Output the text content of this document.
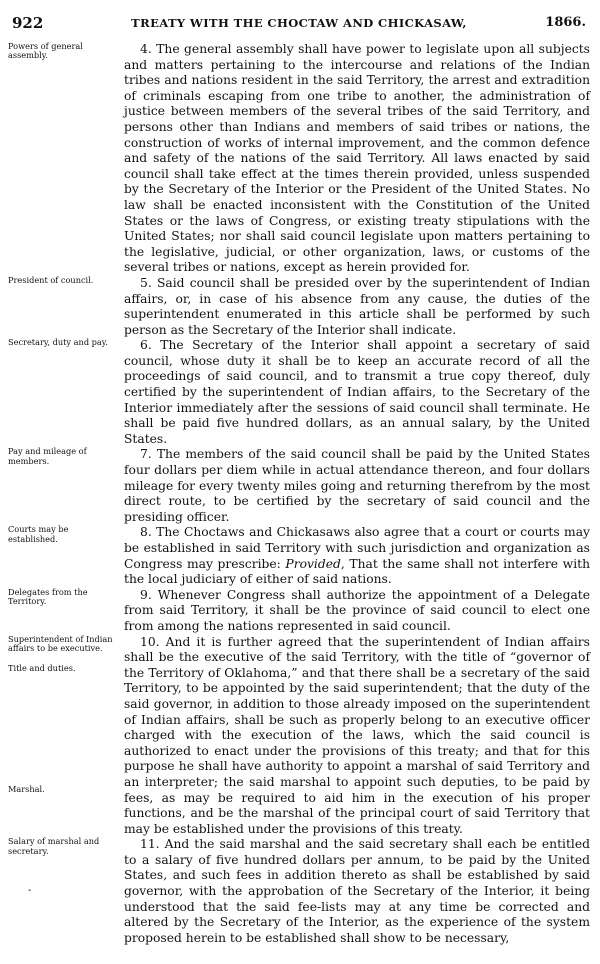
922	TREATY WITH THE CHOCTAW AND CHICKASAW,	1866.
Powers of general assembly.	4. The general assembly shall have power to legislate upon all subjects and matters pertaining to the intercourse and relations of the Indian tribes and nations resident in the said Territory, the arrest and extradition of criminals escaping from one tribe to another, the administration of justice between members of the several tribes of the said Territory, and persons other than Indians and members of said tribes or nations, the construction of works of internal improvement, and the common defence and safety of the nations of the said Territory. All laws enacted by said council shall take effect at the times therein provided, unless suspended by the Secretary of the Interior or the President of the United States. No law shall be enacted inconsistent with the Constitution of the United States or the laws of Congress, or existing treaty stipulations with the United States; nor shall said council legislate upon matters pertaining to the legislative, judicial, or other organization, laws, or customs of the several tribes or nations, except as herein provided for.

President of council.	5. Said council shall be presided over by the superintendent of Indian affairs, or, in case of his absence from any cause, the duties of the superintendent enumerated in this article shall be performed by such person as the Secretary of the Interior shall indicate.

Secretary, duty and pay.	6. The Secretary of the Interior shall appoint a secretary of said council, whose duty it shall be to keep an accurate record of all the proceedings of said council, and to transmit a true copy thereof, duly certified by the superintendent of Indian affairs, to the Secretary of the Interior immediately after the sessions of said council shall terminate. He shall be paid five hundred dollars, as an annual salary, by the United States.

Pay and mileage of members.	7. The members of the said council shall be paid by the United States four dollars per diem while in actual attendance thereon, and four dollars mileage for every twenty miles going and returning therefrom by the most direct route, to be certified by the secretary of said council and the presiding officer.

Courts may be established.	8. The Choctaws and Chickasaws also agree that a court or courts may be established in said Territory with such jurisdiction and organization as Congress may prescribe: Provided, That the same shall not interfere with the local judiciary of either of said nations.

Delegates from the Territory.	9. Whenever Congress shall authorize the appointment of a Delegate from said Territory, it shall be the province of said council to elect one from among the nations represented in said council.

Superintendent of Indian affairs to be executive.
Title and duties.
-
Marshal.

10. And it is further agreed that the superintendent of Indian affairs shall be the executive of the said Territory, with the title of “governor of the Territory of Oklahoma,” and that there shall be a secretary of the said Territory, to be appointed by the said superintendent; that the duty of the said governor, in addition to those already imposed on the superintendent of Indian affairs, shall be such as properly belong to an executive officer charged with the execution of the laws, which the said council is authorized to enact under the provisions of this treaty; and that for this purpose he shall have authority to appoint a marshal of said Territory and an interpreter; the said marshal to appoint such deputies, to be paid by fees, as may be required to aid him in the execution of his proper functions, and be the marshal of the principal court of said Territory that may be established under the provisions of this treaty.

Salary of marshal and secretary.	11. And the said marshal and the said secretary shall each be entitled to a salary of five hundred dollars per annum, to be paid by the United States, and such fees in addition thereto as shall be established by said governor, with the approbation of the Secretary of the Interior, it being understood that the said fee-lists may at any time be corrected and altered by the Secretary of the Interior, as the experience of the system proposed herein to be established shall show to be necessary,
